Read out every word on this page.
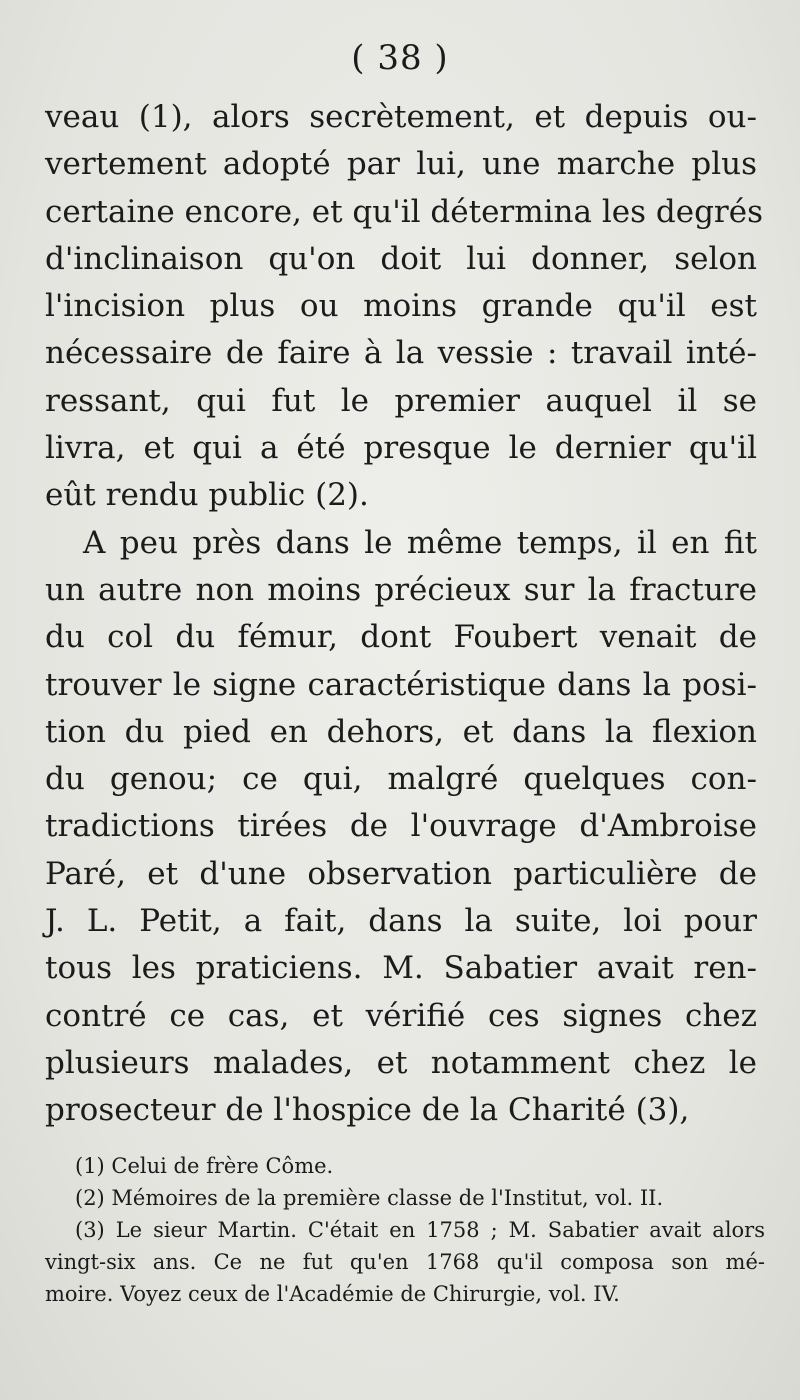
( 38 )
veau (1), alors secrètement, et depuis ou-
vertement adopté par lui, une marche plus
certaine encore, et qu'il détermina les degrés
d'inclinaison qu'on doit lui donner, selon
l'incision plus ou moins grande qu'il est
nécessaire de faire à la vessie : travail inté-
ressant, qui fut le premier auquel il se
livra, et qui a été presque le dernier qu'il
eût rendu public (2).
A peu près dans le même temps, il en fit
un autre non moins précieux sur la fracture
du col du fémur, dont Foubert venait de
trouver le signe caractéristique dans la posi-
tion du pied en dehors, et dans la flexion
du genou; ce qui, malgré quelques con-
tradictions tirées de l'ouvrage d'Ambroise
Paré, et d'une observation particulière de
J. L. Petit, a fait, dans la suite, loi pour
tous les praticiens. M. Sabatier avait ren-
contré ce cas, et vérifié ces signes chez
plusieurs malades, et notamment chez le
prosecteur de l'hospice de la Charité (3),
(1) Celui de frère Côme.
(2) Mémoires de la première classe de l'Institut, vol. II.
(3) Le sieur Martin. C'était en 1758 ; M. Sabatier avait alors
vingt-six ans. Ce ne fut qu'en 1768 qu'il composa son mé-
moire. Voyez ceux de l'Académie de Chirurgie, vol. IV.
